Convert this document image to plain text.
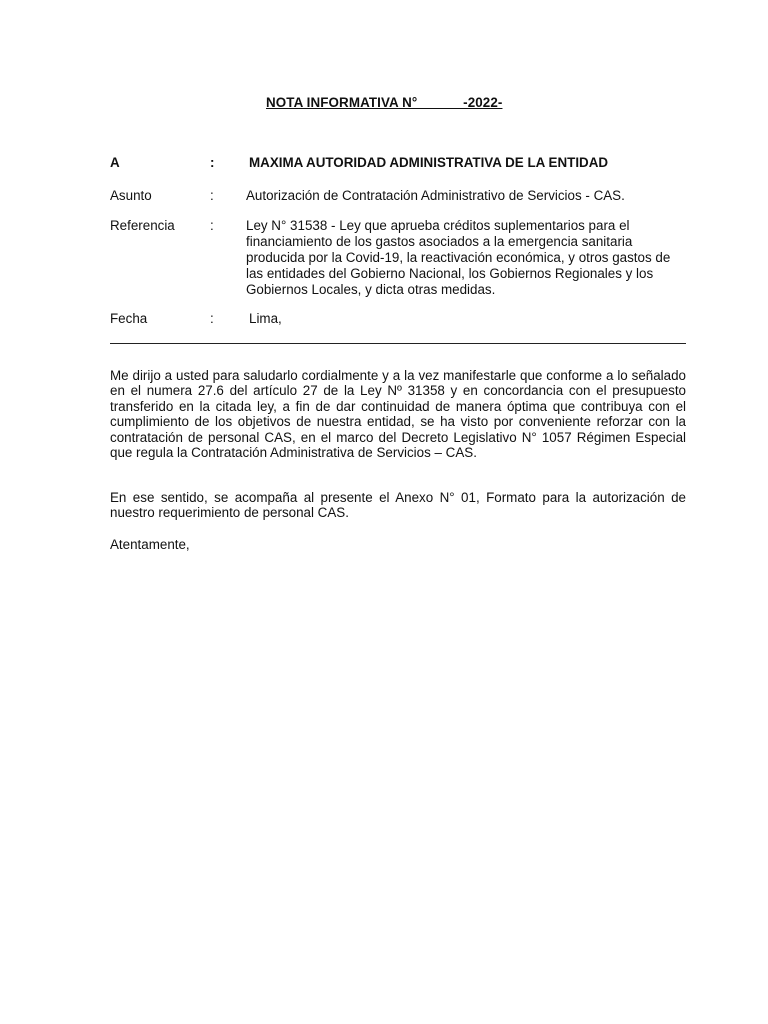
NOTA INFORMATIVA N°            -2022-
A	:	MAXIMA AUTORIDAD ADMINISTRATIVA DE LA ENTIDAD
Asunto	: Autorización de Contratación Administrativo de Servicios - CAS.
Referencia	: Ley N° 31538 - Ley que aprueba créditos suplementarios para el financiamiento de los gastos asociados a la emergencia sanitaria producida por la Covid-19, la reactivación económica, y otros gastos de las entidades del Gobierno Nacional, los Gobiernos Regionales y los Gobiernos Locales, y dicta otras medidas.
Fecha	:	Lima,
Me dirijo a usted para saludarlo cordialmente y a la vez manifestarle que conforme a lo señalado en el numera 27.6 del artículo 27 de la Ley Nº 31358 y en concordancia con el presupuesto transferido en la citada ley, a fin de dar continuidad de manera óptima que contribuya con el cumplimiento de los objetivos de nuestra entidad, se ha visto por conveniente reforzar con la contratación de personal CAS, en el marco del Decreto Legislativo N° 1057 Régimen Especial que regula la Contratación Administrativa de Servicios – CAS.
En ese sentido, se acompaña al presente el Anexo N° 01, Formato para la autorización de nuestro requerimiento de personal CAS.
Atentamente,
